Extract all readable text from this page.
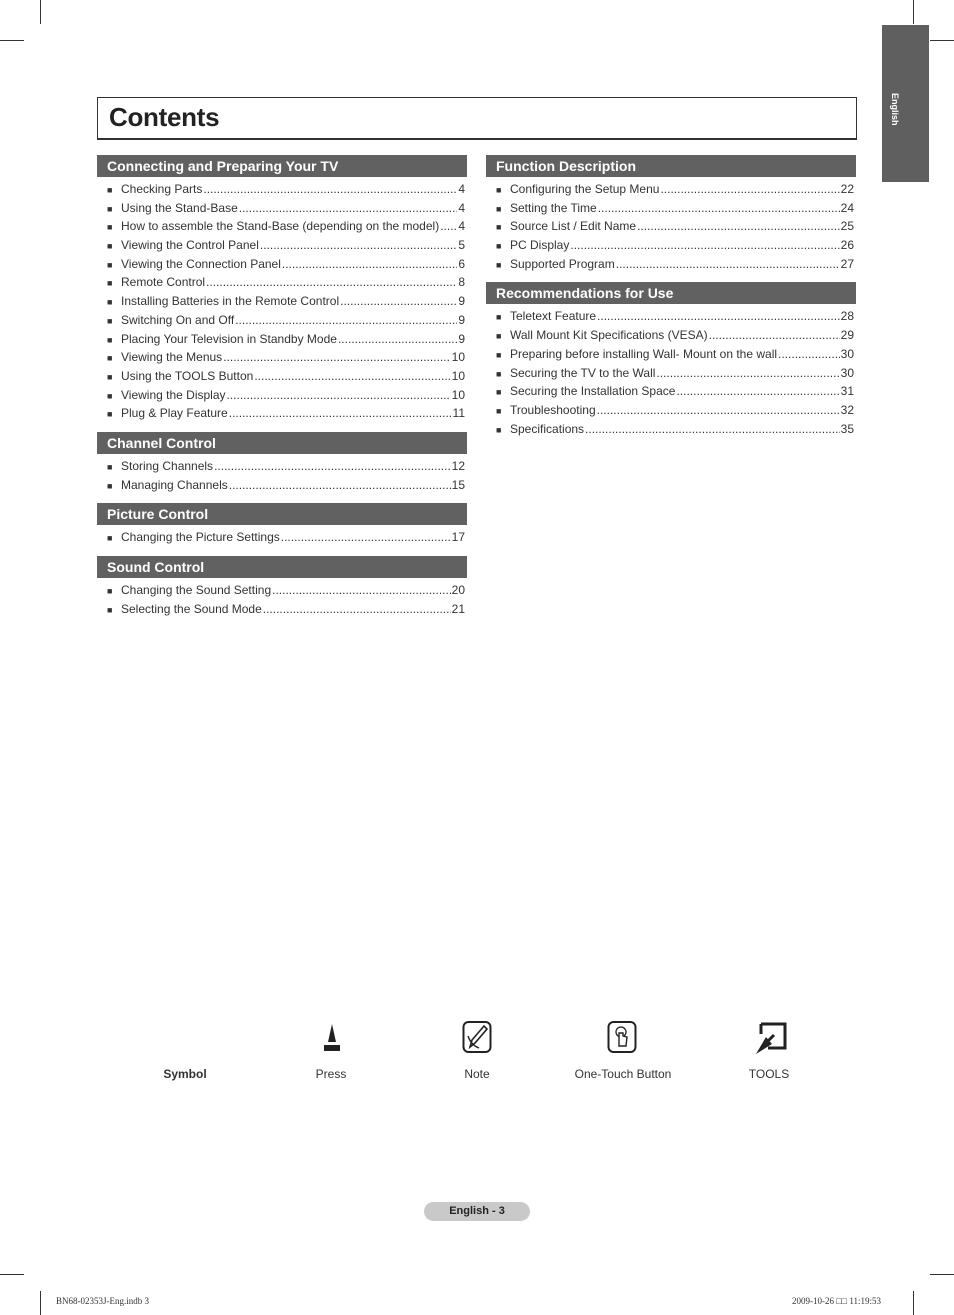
English
Contents
Connecting and Preparing Your TV
■ Checking Parts .....	4
■ Using the Stand-Base .....	4
■ How to assemble the Stand-Base (depending on the model) ..... 4
■ Viewing the Control Panel .....	5
■ Viewing the Connection Panel .....	6
■ Remote Control .....	8
■ Installing Batteries in the Remote Control .....	9
■ Switching On and Off .....	9
■ Placing Your Television in Standby Mode .....	9
■ Viewing the Menus .....	10
■ Using the TOOLS Button .....	10
■ Viewing the Display .....	10
■ Plug & Play Feature .....	11
Channel Control
■ Storing Channels .....	12
■ Managing Channels .....	15
Picture Control
■ Changing the Picture Settings .....	17
Sound Control
■ Changing the Sound Setting .....	20
■ Selecting the Sound Mode .....	21
Function Description
■ Configuring the Setup Menu .....	22
■ Setting the Time .....	24
■ Source List / Edit Name .....	25
■ PC Display .....	26
■ Supported Program .....	27
Recommendations for Use
■ Teletext Feature .....	28
■ Wall Mount Kit Specifications (VESA) .....	29
■ Preparing before installing Wall- Mount on the wall .....	30
■ Securing the TV to the Wall .....	30
■ Securing the Installation Space .....	31
■ Troubleshooting .....	32
■ Specifications .....	35
Symbol	Press	Note	One-Touch Button	TOOLS
English - 3
BN68-02353J-Eng.indb 3	2009-10-26 □□ 11:19:53
